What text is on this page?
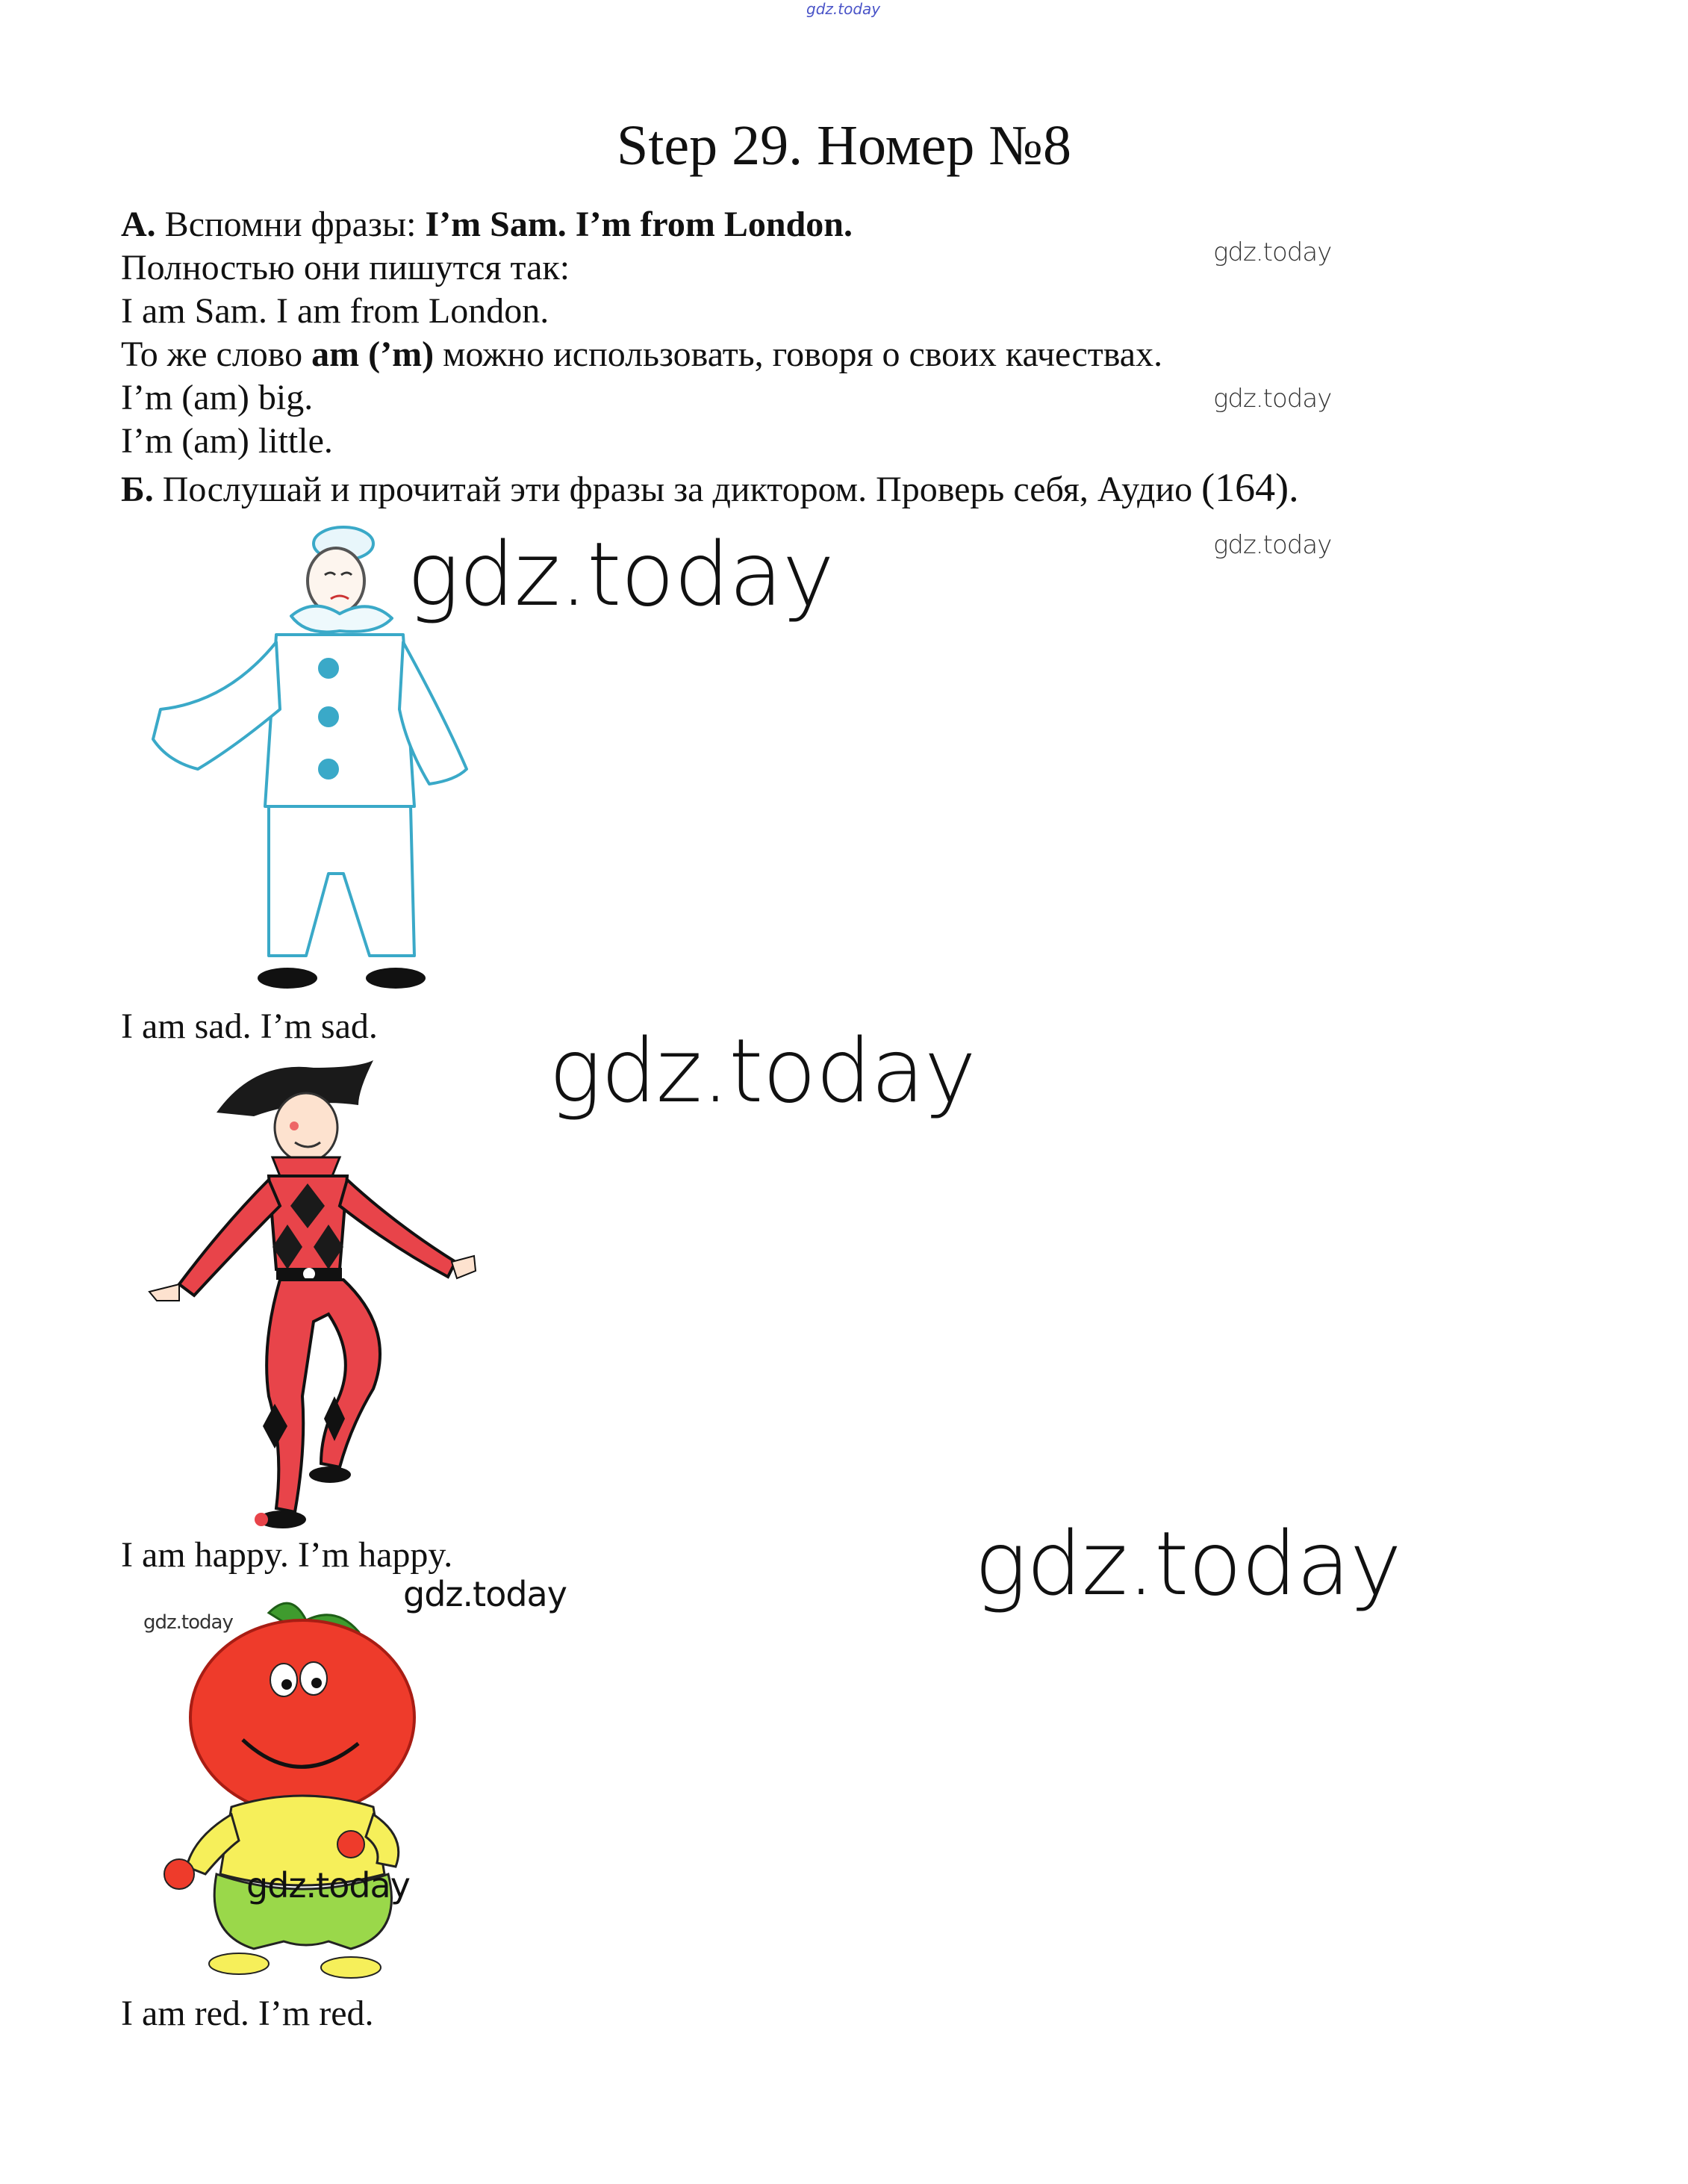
gdz.today
Step 29. Номер №8
А. Вспомни фразы: I’m Sam. I’m from London.
Полностью они пишутся так:
I am Sam. I am from London.
То же слово am (’m) можно использовать, говоря о своих качествах.
I’m (am) big.
I’m (am) little.
Б. Послушай и прочитай эти фразы за диктором. Проверь себя, Аудио (164).
gdz.today
gdz.today
gdz.today
gdz.today
I am sad. I’m sad. gdz.today
I am happy. I’m happy.
gdz.today
gdz.today
gdz.today
gdz.today
I am red. I’m red.
